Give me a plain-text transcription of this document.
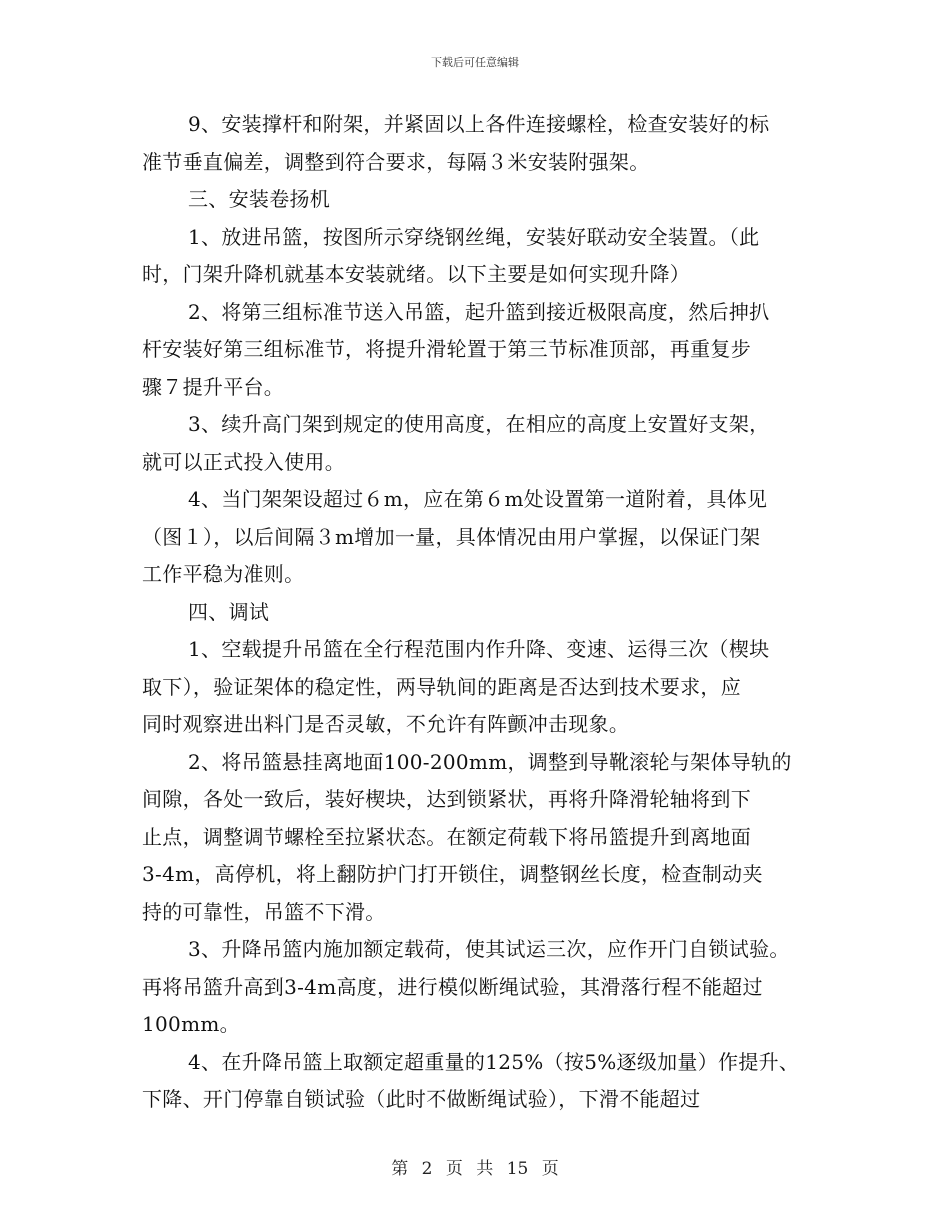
下载后可任意编辑
9、安装撑杆和附架，并紧固以上各件连接螺栓，检查安装好的标
准节垂直偏差，调整到符合要求，每隔３米安装附强架。
三、安装卷扬机
1、放进吊篮，按图所示穿绕钢丝绳，安装好联动安全装置。（此
时，门架升降机就基本安装就绪。以下主要是如何实现升降）
2、将第三组标准节送入吊篮，起升篮到接近极限高度，然后抻扒
杆安装好第三组标准节，将提升滑轮置于第三节标准顶部，再重复步
骤７提升平台。
3、续升高门架到规定的使用高度，在相应的高度上安置好支架，
就可以正式投入使用。
4、当门架架设超过６m，应在第６m处设置第一道附着，具体见
（图１），以后间隔３m增加一量，具体情况由用户掌握，以保证门架
工作平稳为准则。
四、调试
1、空载提升吊篮在全行程范围内作升降、变速、运得三次（楔块
取下），验证架体的稳定性，两导轨间的距离是否达到技术要求，应
同时观察进出料门是否灵敏，不允许有阵颤冲击现象。
2、将吊篮悬挂离地面100-200mm，调整到导靴滚轮与架体导轨的
间隙，各处一致后，装好楔块，达到锁紧状，再将升降滑轮轴将到下
止点，调整调节螺栓至拉紧状态。在额定荷载下将吊篮提升到离地面
3-4m，高停机，将上翻防护门打开锁住，调整钢丝长度，检查制动夹
持的可靠性，吊篮不下滑。
3、升降吊篮内施加额定载荷，使其试运三次，应作开门自锁试验。
再将吊篮升高到3-4m高度，进行模似断绳试验，其滑落行程不能超过
100mm。
4、在升降吊篮上取额定超重量的125%（按5%逐级加量）作提升、
下降、开门停靠自锁试验（此时不做断绳试验），下滑不能超过
第 2 页 共 15 页
